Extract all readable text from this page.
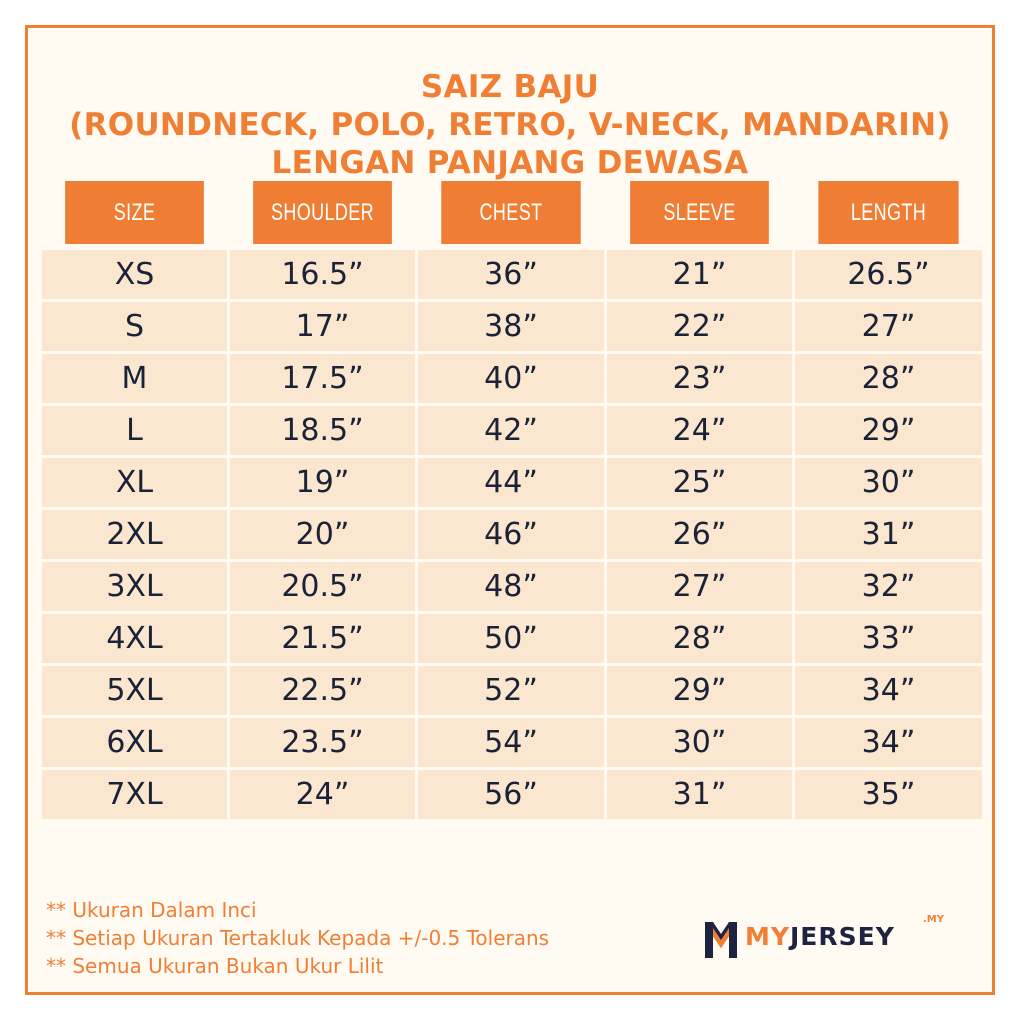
SAIZ BAJU
(ROUNDNECK, POLO, RETRO, V-NECK, MANDARIN)
LENGAN PANJANG DEWASA
** Ukuran Dalam Inci
** Setiap Ukuran Tertakluk Kepada +/-0.5 Tolerans
** Semua Ukuran Bukan Ukur Lilit
SIZE	SHOULDER	CHEST	SLEEVE	LENGTH
XS	16.5”	36”	21”	26.5”
S	17”	38”	22”	27”
M	17.5”	40”	23”	28”
L	18.5”	42”	24”	29”
XL	19”	44”	25”	30”
2XL	20”	46”	26”	31”
3XL	20.5”	48”	27”	32”
4XL	21.5”	50”	28”	33”
5XL	22.5”	52”	29”	34”
6XL	23.5”	54”	30”	34”
7XL	24”	56”	31”	35”
MYJERSEY
.MY
